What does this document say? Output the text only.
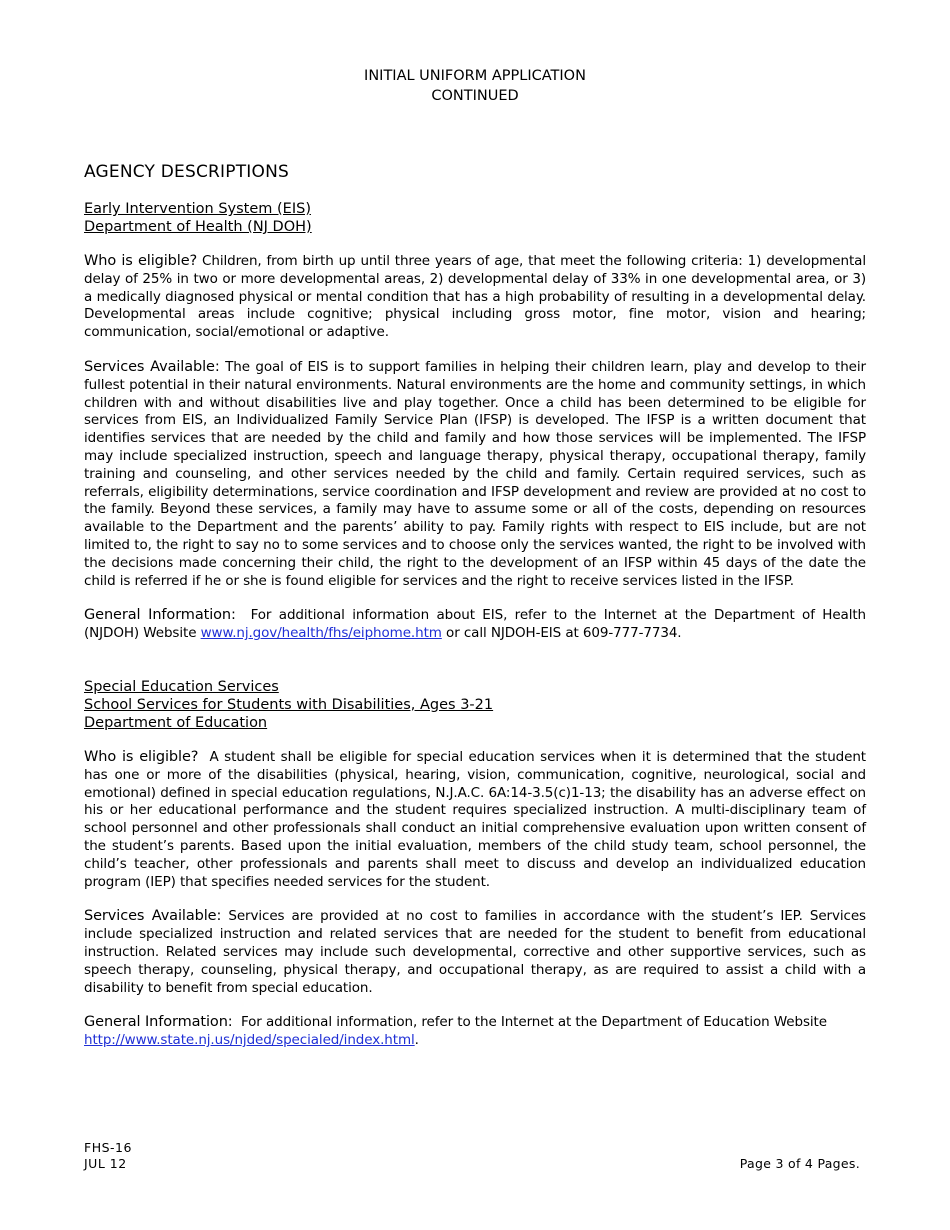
INITIAL UNIFORM APPLICATION
CONTINUED
AGENCY DESCRIPTIONS
Early Intervention System (EIS)
Department of Health (NJ DOH)

Who is eligible? Children, from birth up until three years of age, that meet the following criteria: 1) developmental delay of 25% in two or more developmental areas, 2) developmental delay of 33% in one developmental area, or 3) a medically diagnosed physical or mental condition that has a high probability of resulting in a developmental delay. Developmental areas include cognitive; physical including gross motor, fine motor, vision and hearing; communication, social/emotional or adaptive.

Services Available: The goal of EIS is to support families in helping their children learn, play and develop to their fullest potential in their natural environments. Natural environments are the home and community settings, in which children with and without disabilities live and play together. Once a child has been determined to be eligible for services from EIS, an Individualized Family Service Plan (IFSP) is developed. The IFSP is a written document that identifies services that are needed by the child and family and how those services will be implemented. The IFSP may include specialized instruction, speech and language therapy, physical therapy, occupational therapy, family training and counseling, and other services needed by the child and family. Certain required services, such as referrals, eligibility determinations, service coordination and IFSP development and review are provided at no cost to the family. Beyond these services, a family may have to assume some or all of the costs, depending on resources available to the Department and the parents’ ability to pay. Family rights with respect to EIS include, but are not limited to, the right to say no to some services and to choose only the services wanted, the right to be involved with the decisions made concerning their child, the right to the development of an IFSP within 45 days of the date the child is referred if he or she is found eligible for services and the right to receive services listed in the IFSP.

General Information: For additional information about EIS, refer to the Internet at the Department of Health (NJDOH) Website www.nj.gov/health/fhs/eiphome.htm or call NJDOH-EIS at 609-777-7734.

Special Education Services
School Services for Students with Disabilities, Ages 3-21
Department of Education

Who is eligible? A student shall be eligible for special education services when it is determined that the student has one or more of the disabilities (physical, hearing, vision, communication, cognitive, neurological, social and emotional) defined in special education regulations, N.J.A.C. 6A:14-3.5(c)1-13; the disability has an adverse effect on his or her educational performance and the student requires specialized instruction. A multi-disciplinary team of school personnel and other professionals shall conduct an initial comprehensive evaluation upon written consent of the student’s parents. Based upon the initial evaluation, members of the child study team, school personnel, the child’s teacher, other professionals and parents shall meet to discuss and develop an individualized education program (IEP) that specifies needed services for the student.

Services Available: Services are provided at no cost to families in accordance with the student’s IEP. Services include specialized instruction and related services that are needed for the student to benefit from educational instruction. Related services may include such developmental, corrective and other supportive services, such as speech therapy, counseling, physical therapy, and occupational therapy, as are required to assist a child with a disability to benefit from special education.

General Information: For additional information, refer to the Internet at the Department of Education Website http://www.state.nj.us/njded/specialed/index.html.

FHS-16
JUL 12	Page 3 of 4 Pages.
